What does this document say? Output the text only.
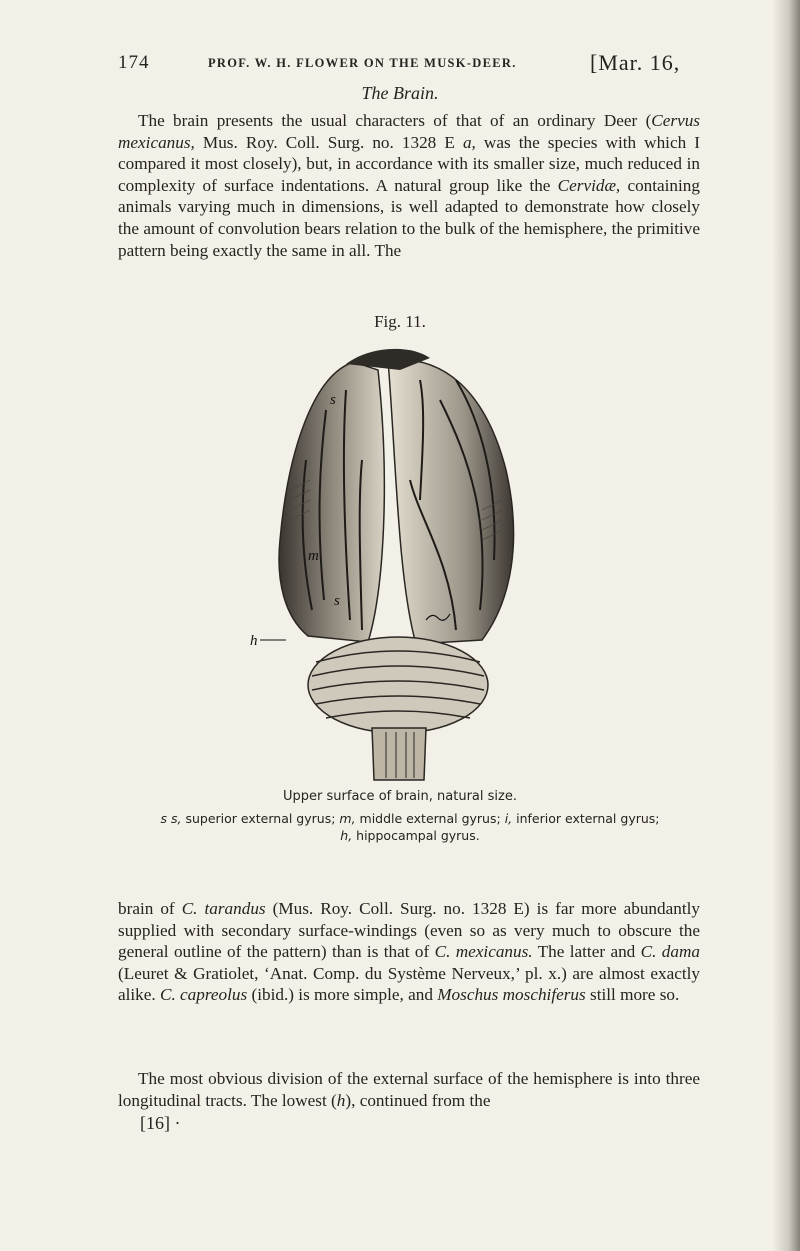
174	PROF. W. H. FLOWER ON THE MUSK-DEER.	[Mar. 16,
The Brain.
The brain presents the usual characters of that of an ordinary Deer (Cervus mexicanus, Mus. Roy. Coll. Surg. no. 1328 E a, was the species with which I compared it most closely), but, in accordance with its smaller size, much reduced in complexity of surface indentations. A natural group like the Cervidæ, containing animals varying much in dimensions, is well adapted to demonstrate how closely the amount of convolution bears relation to the bulk of the hemisphere, the primitive pattern being exactly the same in all. The
Fig. 11.
s
m
s
h
Upper surface of brain, natural size.
s s, superior external gyrus; m, middle external gyrus; i, inferior external gyrus; h, hippocampal gyrus.
brain of C. tarandus (Mus. Roy. Coll. Surg. no. 1328 E) is far more abundantly supplied with secondary surface-windings (even so as very much to obscure the general outline of the pattern) than is that of C. mexicanus. The latter and C. dama (Leuret & Gratiolet, ‘Anat. Comp. du Système Nerveux,’ pl. x.) are almost exactly alike. C. capreolus (ibid.) is more simple, and Moschus moschiferus still more so.
The most obvious division of the external surface of the hemisphere is into three longitudinal tracts. The lowest (h), continued from the
[16] ·
